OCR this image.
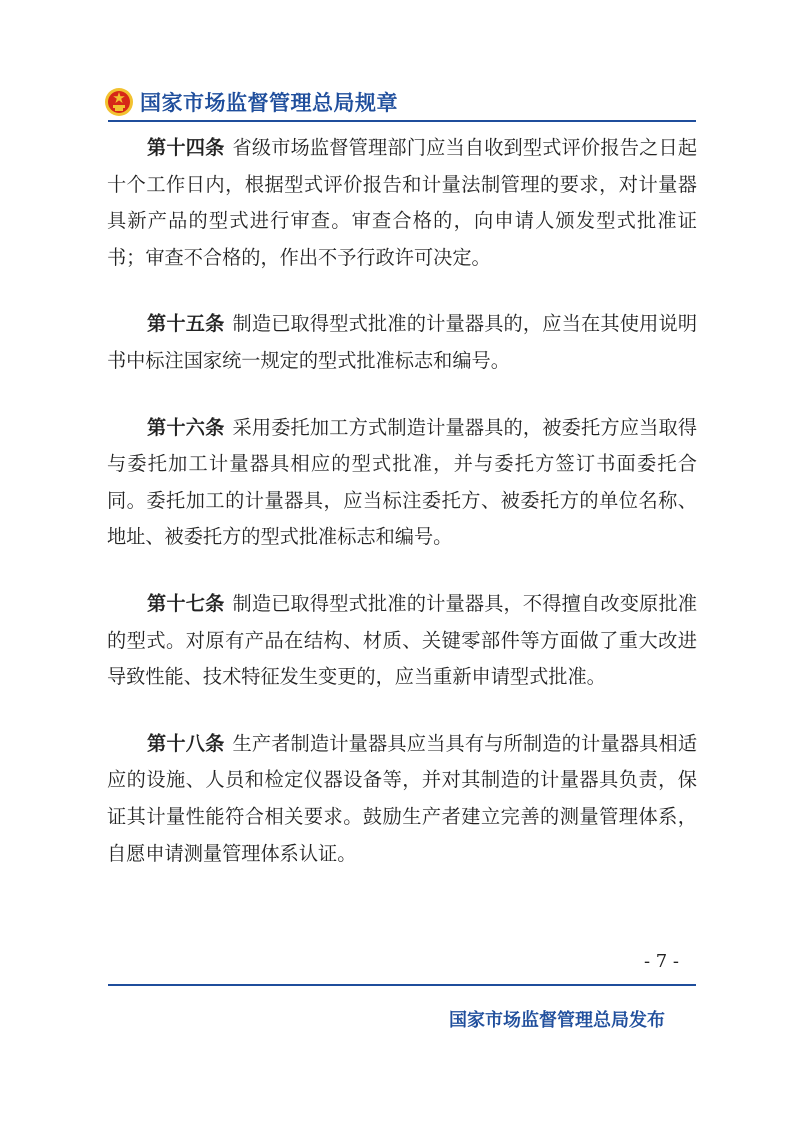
国家市场监督管理总局规章

第十四条 省级市场监督管理部门应当自收到型式评价报告之日起十个工作日内，根据型式评价报告和计量法制管理的要求，对计量器具新产品的型式进行审查。审查合格的，向申请人颁发型式批准证书；审查不合格的，作出不予行政许可决定。

第十五条 制造已取得型式批准的计量器具的，应当在其使用说明书中标注国家统一规定的型式批准标志和编号。

第十六条 采用委托加工方式制造计量器具的，被委托方应当取得与委托加工计量器具相应的型式批准，并与委托方签订书面委托合同。委托加工的计量器具，应当标注委托方、被委托方的单位名称、地址、被委托方的型式批准标志和编号。

第十七条 制造已取得型式批准的计量器具，不得擅自改变原批准的型式。对原有产品在结构、材质、关键零部件等方面做了重大改进导致性能、技术特征发生变更的，应当重新申请型式批准。

第十八条 生产者制造计量器具应当具有与所制造的计量器具相适应的设施、人员和检定仪器设备等，并对其制造的计量器具负责，保证其计量性能符合相关要求。鼓励生产者建立完善的测量管理体系，自愿申请测量管理体系认证。

- 7 -
国家市场监督管理总局发布
